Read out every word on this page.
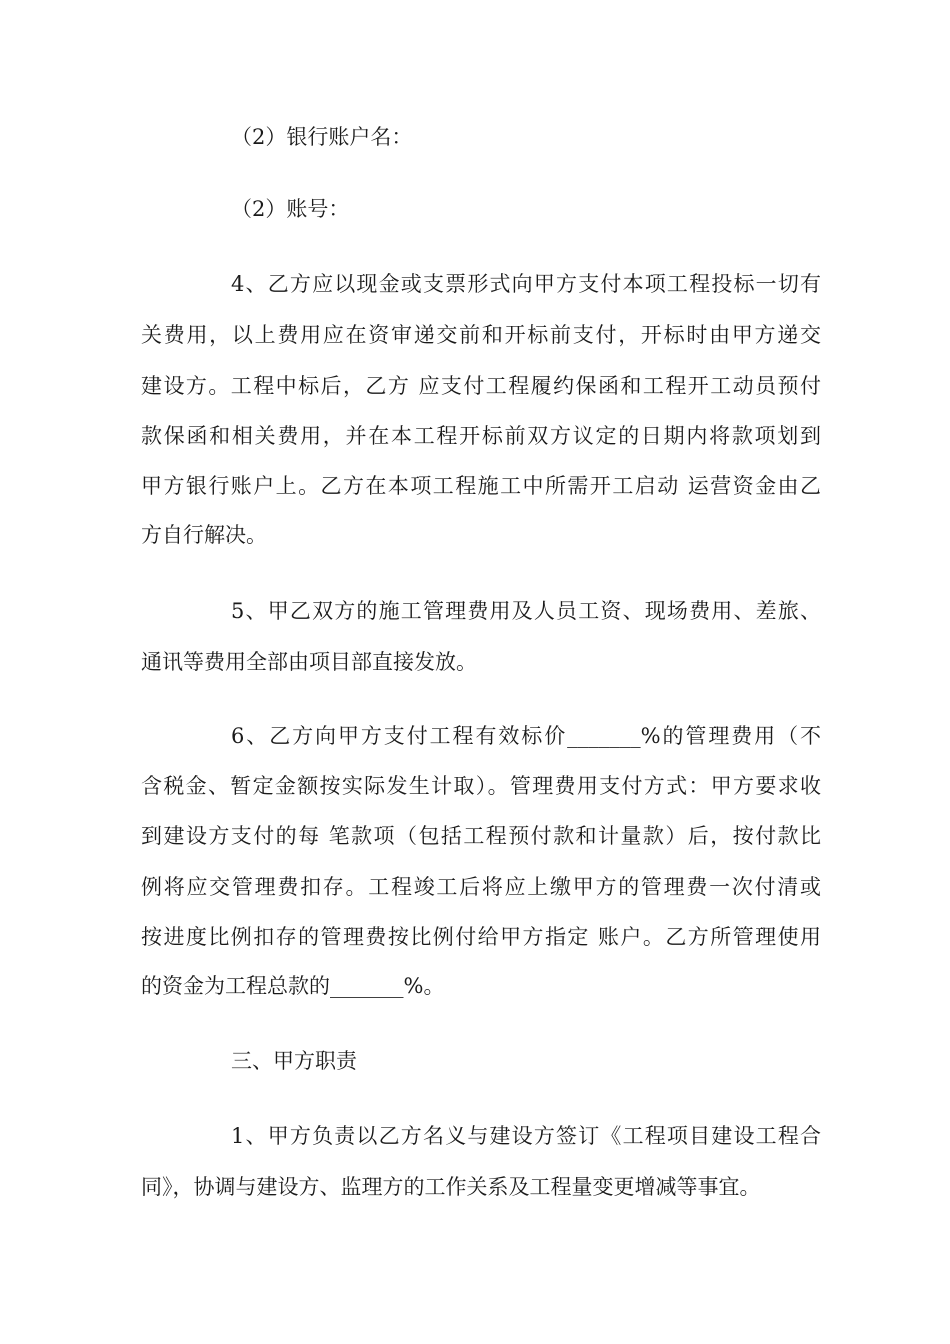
（2）银行账户名：
（2）账号：
4、乙方应以现金或支票形式向甲方支付本项工程投标一切有
关费用，以上费用应在资审递交前和开标前支付，开标时由甲方递交
建设方。工程中标后，乙方 应支付工程履约保函和工程开工动员预付
款保函和相关费用，并在本工程开标前双方议定的日期内将款项划到
甲方银行账户上。乙方在本项工程施工中所需开工启动 运营资金由乙
方自行解决。
5、甲乙双方的施工管理费用及人员工资、现场费用、差旅、
通讯等费用全部由项目部直接发放。
6、乙方向甲方支付工程有效标价_______%的管理费用（不
含税金、暂定金额按实际发生计取）。管理费用支付方式：甲方要求收
到建设方支付的每 笔款项（包括工程预付款和计量款）后，按付款比
例将应交管理费扣存。工程竣工后将应上缴甲方的管理费一次付清或
按进度比例扣存的管理费按比例付给甲方指定 账户。乙方所管理使用
的资金为工程总款的_______%。
三、甲方职责
1、甲方负责以乙方名义与建设方签订《工程项目建设工程合
同》，协调与建设方、监理方的工作关系及工程量变更增减等事宜。
